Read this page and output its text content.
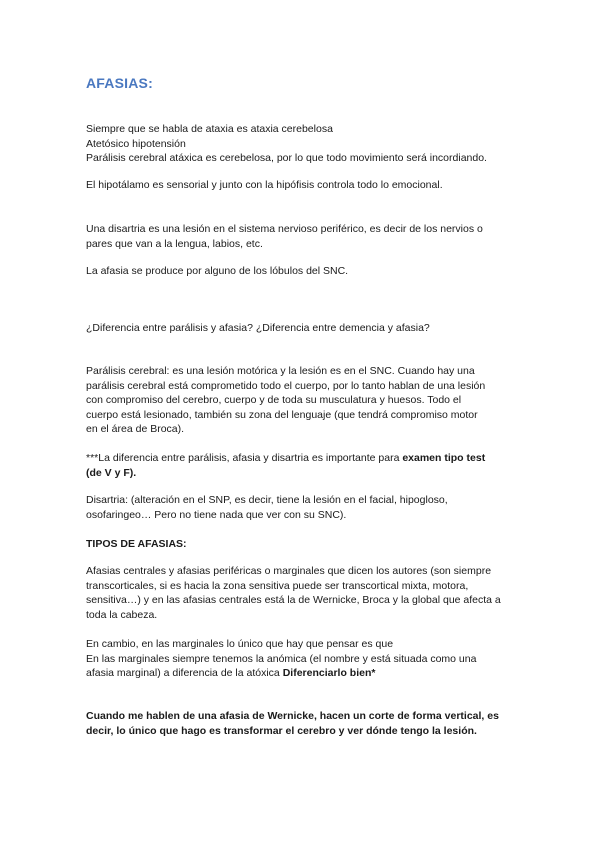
AFASIAS:
Siempre que se habla de ataxia es ataxia cerebelosa
Atetósico hipotensión
Parálisis cerebral atáxica es cerebelosa, por lo que todo movimiento será incordiando.
El hipotálamo es sensorial y junto con la hipófisis controla todo lo emocional.
Una disartria es una lesión en el sistema nervioso periférico, es decir de los nervios o
pares que van a la lengua, labios, etc.
La afasia se produce por alguno de los lóbulos del SNC.
¿Diferencia entre parálisis y afasia? ¿Diferencia entre demencia y afasia?
Parálisis cerebral: es una lesión motórica y la lesión es en el SNC. Cuando hay una
parálisis cerebral está comprometido todo el cuerpo, por lo tanto hablan de una lesión
con compromiso del cerebro, cuerpo y de toda su musculatura y huesos. Todo el
cuerpo está lesionado, también su zona del lenguaje (que tendrá compromiso motor
en el área de Broca).
***La diferencia entre parálisis, afasia y disartria es importante para examen tipo test
(de V y F).
Disartria: (alteración en el SNP, es decir, tiene la lesión en el facial, hipogloso,
osofaringeo… Pero no tiene nada que ver con su SNC).
TIPOS DE AFASIAS:
Afasias centrales y afasias periféricas o marginales que dicen los autores (son siempre
transcorticales, si es hacia la zona sensitiva puede ser transcortical mixta, motora,
sensitiva…) y en las afasias centrales está la de Wernicke, Broca y la global que afecta a
toda la cabeza.
En cambio, en las marginales lo único que hay que pensar es que
En las marginales siempre tenemos la anómica (el nombre y está situada como una
afasia marginal) a diferencia de la atóxica Diferenciarlo bien*
Cuando me hablen de una afasia de Wernicke, hacen un corte de forma vertical, es
decir, lo único que hago es transformar el cerebro y ver dónde tengo la lesión.
